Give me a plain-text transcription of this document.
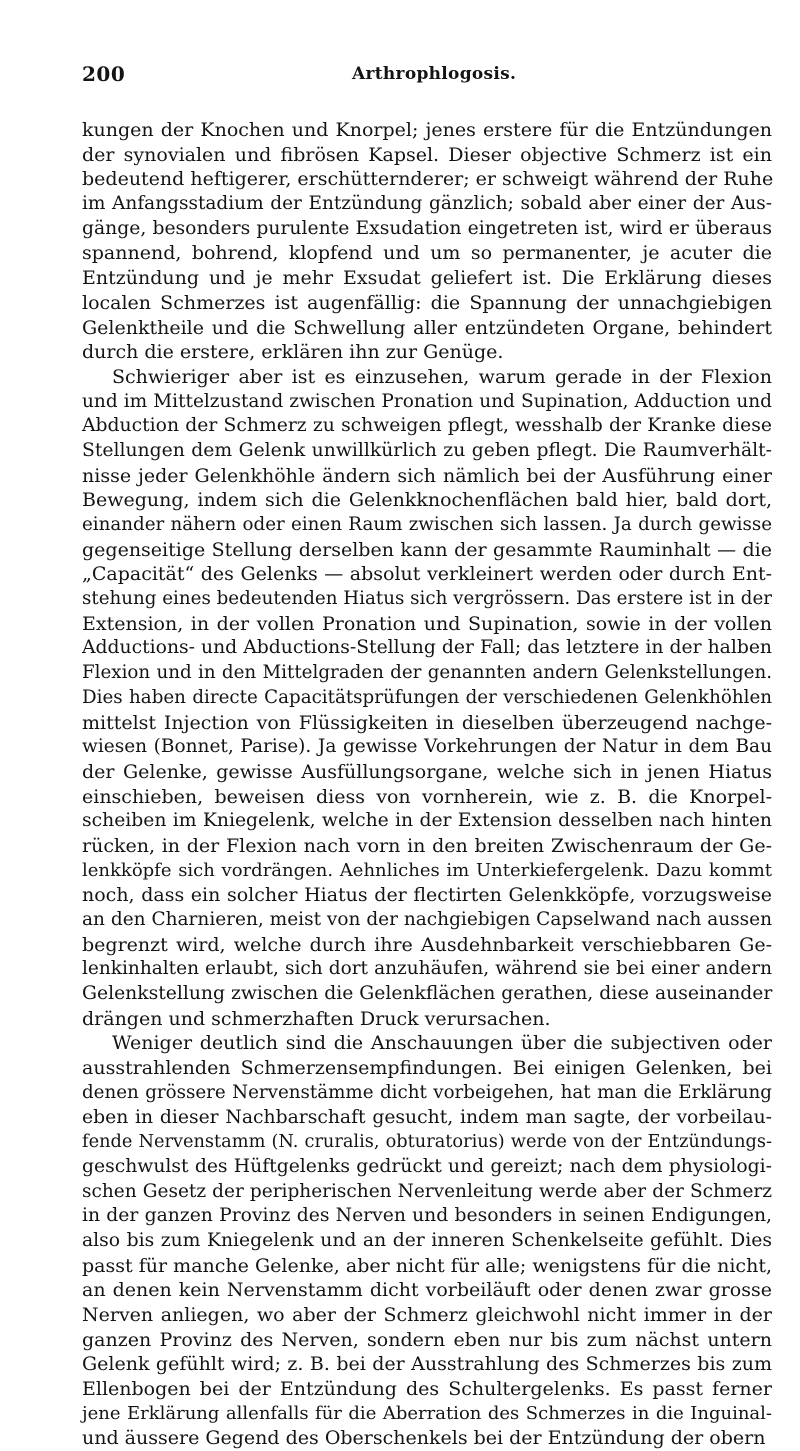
200	Arthrophlogosis.
kungen der Knochen und Knorpel; jenes erstere für die Entzündungen
der synovialen und fibrösen Kapsel. Dieser objective Schmerz ist ein
bedeutend heftigerer, erschütternderer; er schweigt während der Ruhe
im Anfangsstadium der Entzündung gänzlich; sobald aber einer der Aus-
gänge, besonders purulente Exsudation eingetreten ist, wird er überaus
spannend, bohrend, klopfend und um so permanenter, je acuter die
Entzündung und je mehr Exsudat geliefert ist. Die Erklärung dieses
localen Schmerzes ist augenfällig: die Spannung der unnachgiebigen
Gelenktheile und die Schwellung aller entzündeten Organe, behindert
durch die erstere, erklären ihn zur Genüge.
Schwieriger aber ist es einzusehen, warum gerade in der Flexion
und im Mittelzustand zwischen Pronation und Supination, Adduction und
Abduction der Schmerz zu schweigen pflegt, wesshalb der Kranke diese
Stellungen dem Gelenk unwillkürlich zu geben pflegt. Die Raumverhält-
nisse jeder Gelenkhöhle ändern sich nämlich bei der Ausführung einer
Bewegung, indem sich die Gelenkknochenflächen bald hier, bald dort,
einander nähern oder einen Raum zwischen sich lassen. Ja durch gewisse
gegenseitige Stellung derselben kann der gesammte Rauminhalt — die
„Capacität“ des Gelenks — absolut verkleinert werden oder durch Ent-
stehung eines bedeutenden Hiatus sich vergrössern. Das erstere ist in der
Extension, in der vollen Pronation und Supination, sowie in der vollen
Adductions- und Abductions-Stellung der Fall; das letztere in der halben
Flexion und in den Mittelgraden der genannten andern Gelenkstellungen.
Dies haben directe Capacitätsprüfungen der verschiedenen Gelenkhöhlen
mittelst Injection von Flüssigkeiten in dieselben überzeugend nachge-
wiesen (Bonnet, Parise). Ja gewisse Vorkehrungen der Natur in dem Bau
der Gelenke, gewisse Ausfüllungsorgane, welche sich in jenen Hiatus
einschieben, beweisen diess von vornherein, wie z. B. die Knorpel-
scheiben im Kniegelenk, welche in der Extension desselben nach hinten
rücken, in der Flexion nach vorn in den breiten Zwischenraum der Ge-
lenkköpfe sich vordrängen. Aehnliches im Unterkiefergelenk. Dazu kommt
noch, dass ein solcher Hiatus der flectirten Gelenkköpfe, vorzugsweise
an den Charnieren, meist von der nachgiebigen Capselwand nach aussen
begrenzt wird, welche durch ihre Ausdehnbarkeit verschiebbaren Ge-
lenkinhalten erlaubt, sich dort anzuhäufen, während sie bei einer andern
Gelenkstellung zwischen die Gelenkflächen gerathen, diese auseinander
drängen und schmerzhaften Druck verursachen.
Weniger deutlich sind die Anschauungen über die subjectiven oder
ausstrahlenden Schmerzensempfindungen. Bei einigen Gelenken, bei
denen grössere Nervenstämme dicht vorbeigehen, hat man die Erklärung
eben in dieser Nachbarschaft gesucht, indem man sagte, der vorbeilau-
fende Nervenstamm (N. cruralis, obturatorius) werde von der Entzündungs-
geschwulst des Hüftgelenks gedrückt und gereizt; nach dem physiologi-
schen Gesetz der peripherischen Nervenleitung werde aber der Schmerz
in der ganzen Provinz des Nerven und besonders in seinen Endigungen,
also bis zum Kniegelenk und an der inneren Schenkelseite gefühlt. Dies
passt für manche Gelenke, aber nicht für alle; wenigstens für die nicht,
an denen kein Nervenstamm dicht vorbeiläuft oder denen zwar grosse
Nerven anliegen, wo aber der Schmerz gleichwohl nicht immer in der
ganzen Provinz des Nerven, sondern eben nur bis zum nächst untern
Gelenk gefühlt wird; z. B. bei der Ausstrahlung des Schmerzes bis zum
Ellenbogen bei der Entzündung des Schultergelenks. Es passt ferner
jene Erklärung allenfalls für die Aberration des Schmerzes in die Inguinal-
und äussere Gegend des Oberschenkels bei der Entzündung der obern
